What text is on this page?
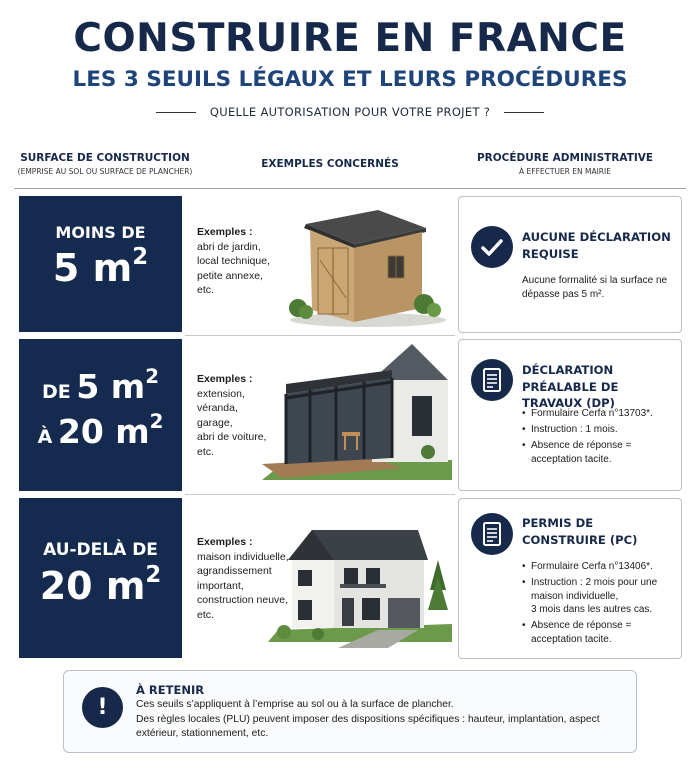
CONSTRUIRE EN FRANCE
LES 3 SEUILS LÉGAUX ET LEURS PROCÉDURES
QUELLE AUTORISATION POUR VOTRE PROJET ?
SURFACE DE CONSTRUCTION
(EMPRISE AU SOL OU SURFACE DE PLANCHER)
EXEMPLES CONCERNÉS	PROCÉDURE ADMINISTRATIVE
À EFFECTUER EN MAIRIE
MOINS DE
5 $m^2$
Exemples :
abri de jardin,
local technique,
petite annexe,
etc.
AUCUNE DÉCLARATION REQUISE
Aucune formalité si la surface ne dépasse pas 5 m².
DE 5 $m^2$
À 20 $m^2$
Exemples :
extension,
véranda,
garage,
abri de voiture,
etc.
DÉCLARATION PRÉALABLE DE TRAVAUX (DP)
• Formulaire Cerfa n°13703*.
• Instruction : 1 mois.
• Absence de réponse = acceptation tacite.
AU-DELÀ DE
20 $m^2$
Exemples :
maison individuelle,
agrandissement
important,
construction neuve,
etc.
PERMIS DE CONSTRUIRE (PC)
• Formulaire Cerfa n°13406*.
• Instruction : 2 mois pour une maison individuelle,
3 mois dans les autres cas.
• Absence de réponse = acceptation tacite.
!
À RETENIR
Ces seuils s’appliquent à l’emprise au sol ou à la surface de plancher.
Des règles locales (PLU) peuvent imposer des dispositions spécifiques : hauteur, implantation, aspect extérieur, stationnement, etc.
